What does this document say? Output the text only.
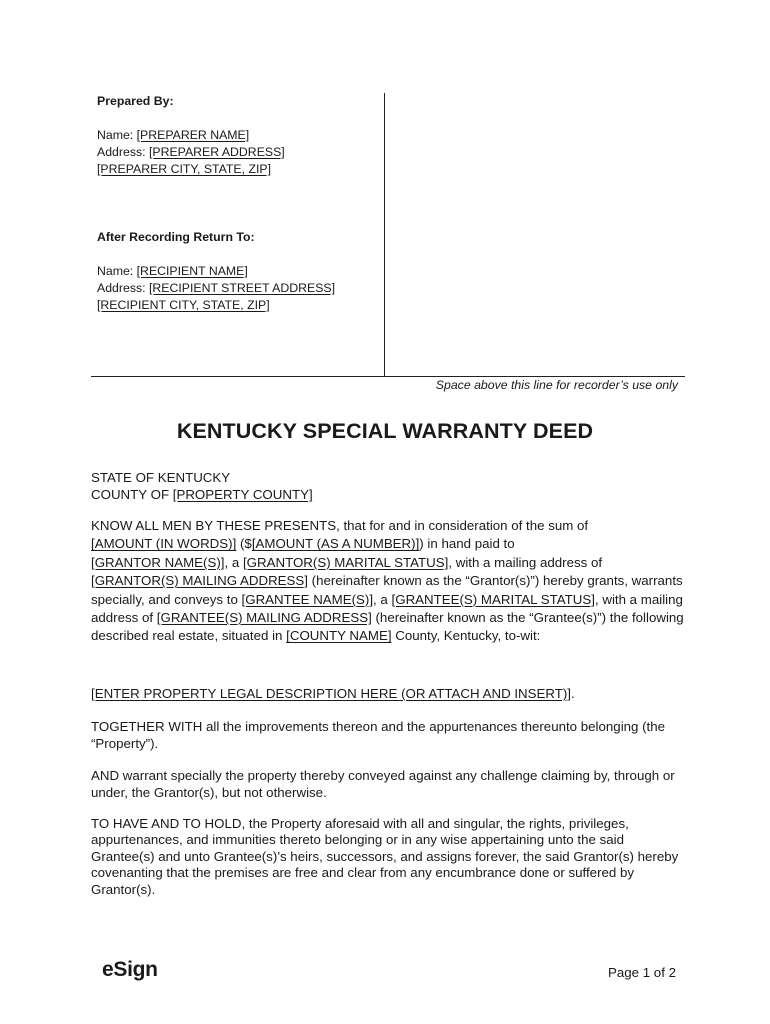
Prepared By:
Name: [PREPARER NAME]
Address: [PREPARER ADDRESS]
[PREPARER CITY, STATE, ZIP]
After Recording Return To:
Name: [RECIPIENT NAME]
Address: [RECIPIENT STREET ADDRESS]
[RECIPIENT CITY, STATE, ZIP]
Space above this line for recorder’s use only
KENTUCKY SPECIAL WARRANTY DEED
STATE OF KENTUCKY
COUNTY OF [PROPERTY COUNTY]

KNOW ALL MEN BY THESE PRESENTS, that for and in consideration of the sum of
[AMOUNT (IN WORDS)] ($[AMOUNT (AS A NUMBER)]) in hand paid to
[GRANTOR NAME(S)], a [GRANTOR(S) MARITAL STATUS], with a mailing address of
[GRANTOR(S) MAILING ADDRESS] (hereinafter known as the “Grantor(s)”) hereby grants, warrants specially, and conveys to [GRANTEE NAME(S)], a [GRANTEE(S) MARITAL STATUS], with a mailing address of [GRANTEE(S) MAILING ADDRESS] (hereinafter known as the “Grantee(s)”) the following described real estate, situated in [COUNTY NAME] County, Kentucky, to-wit:

[ENTER PROPERTY LEGAL DESCRIPTION HERE (OR ATTACH AND INSERT)].

TOGETHER WITH all the improvements thereon and the appurtenances thereunto belonging (the “Property”).

AND warrant specially the property thereby conveyed against any challenge claiming by, through or under, the Grantor(s), but not otherwise.

TO HAVE AND TO HOLD, the Property aforesaid with all and singular, the rights, privileges, appurtenances, and immunities thereto belonging or in any wise appertaining unto the said Grantee(s) and unto Grantee(s)’s heirs, successors, and assigns forever, the said Grantor(s) hereby covenanting that the premises are free and clear from any encumbrance done or suffered by Grantor(s).

eSign	Page 1 of 2
